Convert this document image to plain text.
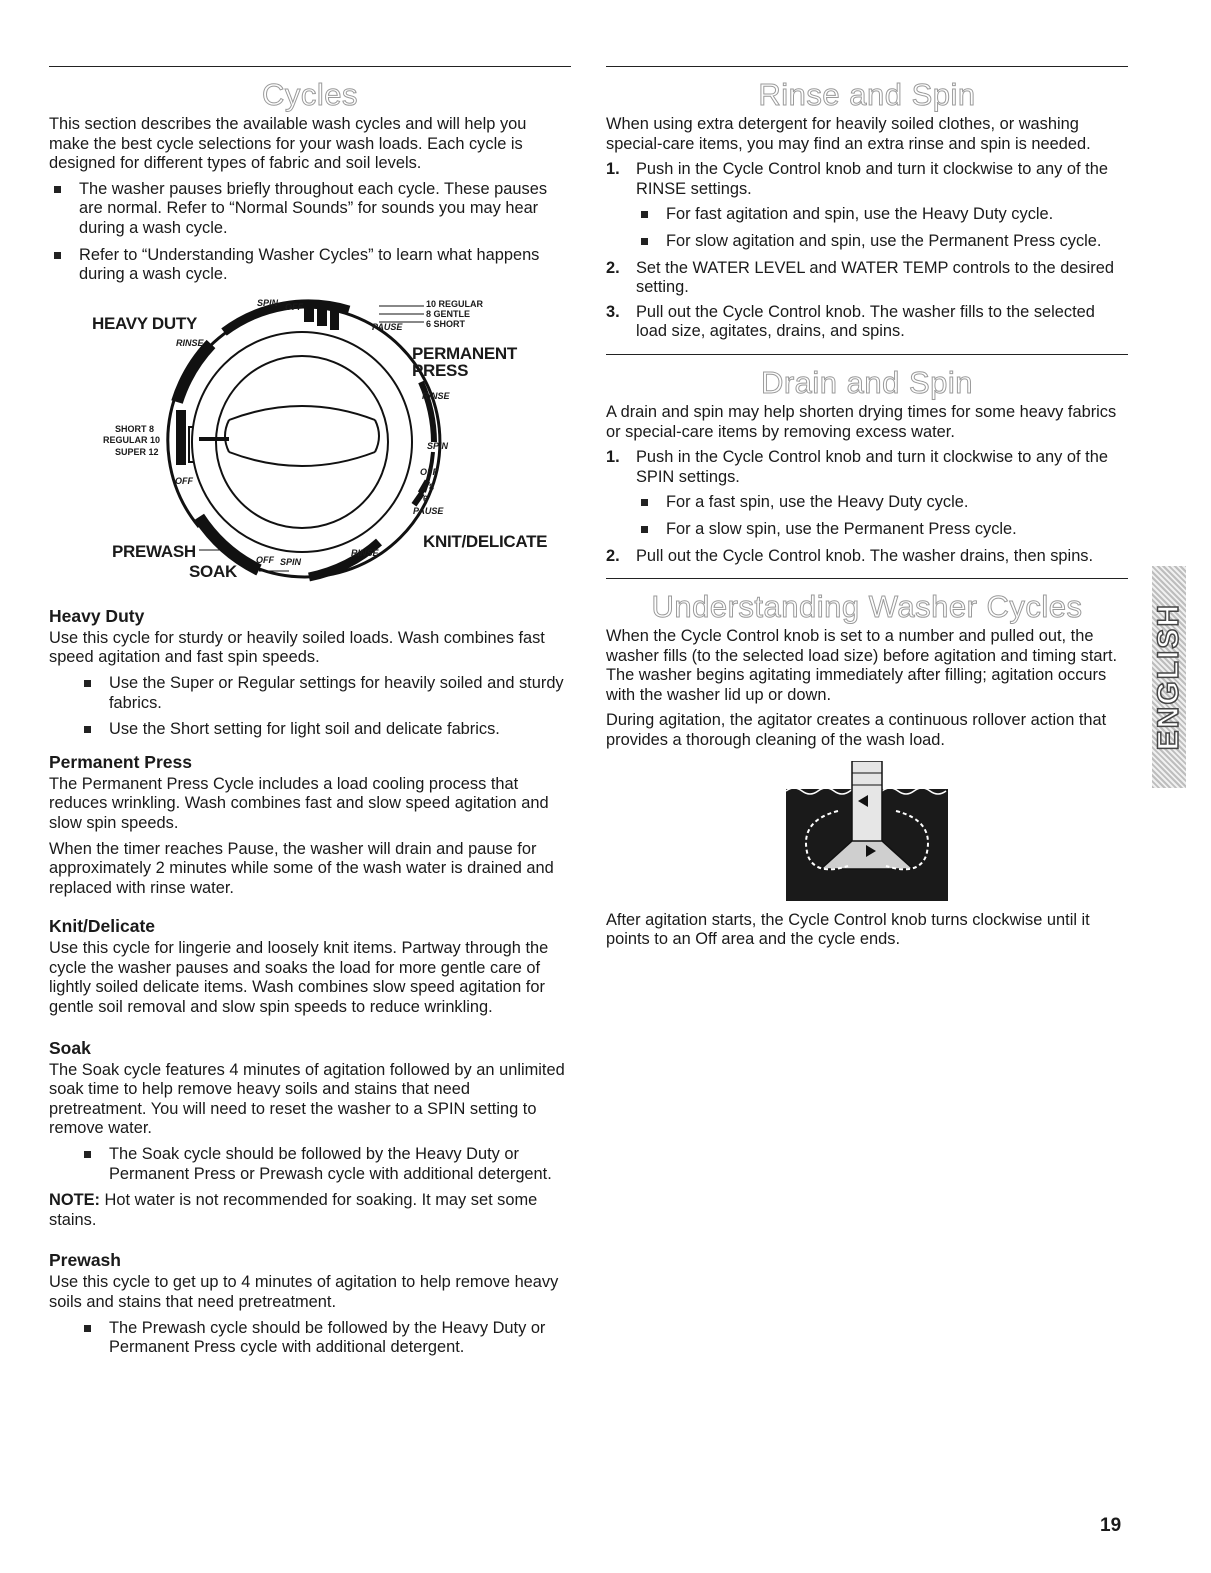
Cycles

This section describes the available wash cycles and will help you make the best cycle selections for your wash loads. Each cycle is designed for different types of fabric and soil levels.

The washer pauses briefly throughout each cycle. These pauses are normal. Refer to “Normal Sounds” for sounds you may hear during a wash cycle.
Refer to “Understanding Washer Cycles” to learn what happens during a wash cycle.
HEAVY DUTY
PERMANENT
PRESS
KNIT/DELICATE
PREWASH
SOAK
SPIN OFF
RINSE
10 REGULAR
8 GENTLE
6 SHORT
PAUSE
RINSE
SPIN
OFF
8
6
PAUSE
SHORT 8
REGULAR 10
SUPER 12
OFF
OFF SPIN
RINSE
Heavy Duty

Use this cycle for sturdy or heavily soiled loads. Wash combines fast speed agitation and fast spin speeds.

Use the Super or Regular settings for heavily soiled and sturdy fabrics.
Use the Short setting for light soil and delicate fabrics.
Permanent Press

The Permanent Press Cycle includes a load cooling process that reduces wrinkling. Wash combines fast and slow speed agitation and slow spin speeds.

When the timer reaches Pause, the washer will drain and pause for approximately 2 minutes while some of the wash water is drained and replaced with rinse water.

Knit/Delicate

Use this cycle for lingerie and loosely knit items. Partway through the cycle the washer pauses and soaks the load for more gentle care of lightly soiled delicate items. Wash combines slow speed agitation for gentle soil removal and slow spin speeds to reduce wrinkling.

Soak

The Soak cycle features 4 minutes of agitation followed by an unlimited soak time to help remove heavy soils and stains that need pretreatment. You will need to reset the washer to a SPIN setting to remove water.

The Soak cycle should be followed by the Heavy Duty or Permanent Press or Prewash cycle with additional detergent.

NOTE: Hot water is not recommended for soaking. It may set some stains.

Prewash

Use this cycle to get up to 4 minutes of agitation to help remove heavy soils and stains that need pretreatment.

The Prewash cycle should be followed by the Heavy Duty or Permanent Press cycle with additional detergent.
Rinse and Spin

When using extra detergent for heavily soiled clothes, or washing special-care items, you may find an extra rinse and spin is needed.

1. Push in the Cycle Control knob and turn it clockwise to any of the RINSE settings.
For fast agitation and spin, use the Heavy Duty cycle.
For slow agitation and spin, use the Permanent Press cycle.
2. Set the WATER LEVEL and WATER TEMP controls to the desired setting.
3. Pull out the Cycle Control knob. The washer fills to the selected load size, agitates, drains, and spins.
Drain and Spin

A drain and spin may help shorten drying times for some heavy fabrics or special-care items by removing excess water.

1. Push in the Cycle Control knob and turn it clockwise to any of the SPIN settings.
For a fast spin, use the Heavy Duty cycle.
For a slow spin, use the Permanent Press cycle.
2. Pull out the Cycle Control knob. The washer drains, then spins.
Understanding Washer Cycles

When the Cycle Control knob is set to a number and pulled out, the washer fills (to the selected load size) before agitation and timing start. The washer begins agitating immediately after filling; agitation occurs with the washer lid up or down.

During agitation, the agitator creates a continuous rollover action that provides a thorough cleaning of the wash load.

After agitation starts, the Cycle Control knob turns clockwise until it points to an Off area and the cycle ends.

ENGLISH
19
